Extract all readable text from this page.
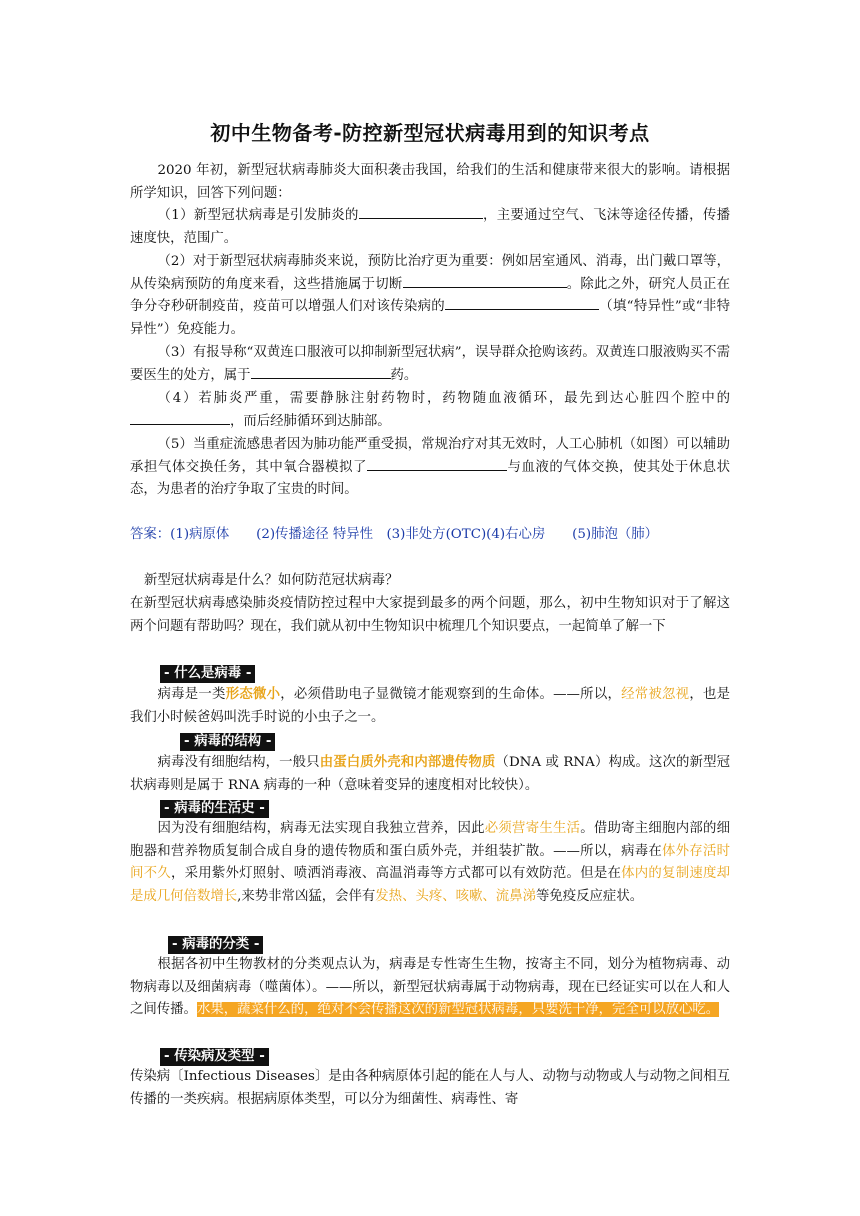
初中生物备考-防控新型冠状病毒用到的知识考点

2020 年初，新型冠状病毒肺炎大面积袭击我国，给我们的生活和健康带来很大的影响。请根据所学知识，回答下列问题：

（1）新型冠状病毒是引发肺炎的	，主要通过空气、飞沫等途径传播，传播速度快，范围广。

（2）对于新型冠状病毒肺炎来说，预防比治疗更为重要：例如居室通风、消毒，出门戴口罩等，从传染病预防的角度来看，这些措施属于切断	。除此之外，研究人员正在争分夺秒研制疫苗，疫苗可以增强人们对该传染病的	（填“特异性”或“非特异性”）免疫能力。

（3）有报导称“双黄连口服液可以抑制新型冠状病”，误导群众抢购该药。双黄连口服液购买不需要医生的处方，属于	药。

（4）若肺炎严重，需要静脉注射药物时，药物随血液循环，最先到达心脏四个腔中的，而后经肺循环到达肺部。

（5）当重症流感患者因为肺功能严重受损，常规治疗对其无效时，人工心肺机（如图）可以辅助承担气体交换任务，其中氧合器模拟了	与血液的气体交换，使其处于休息状态，为患者的治疗争取了宝贵的时间。

答案：(1)病原体　　(2)传播途径 特异性　(3)非处方(OTC)(4)右心房　　(5)肺泡（肺）

新型冠状病毒是什么？如何防范冠状病毒？

在新型冠状病毒感染肺炎疫情防控过程中大家提到最多的两个问题，那么，初中生物知识对于了解这两个问题有帮助吗？现在，我们就从初中生物知识中梳理几个知识要点，一起简单了解一下

- 什么是病毒 -

病毒是一类形态微小，必须借助电子显微镜才能观察到的生命体。——所以，经常被忽视，也是我们小时候爸妈叫洗手时说的小虫子之一。

- 病毒的结构 -

病毒没有细胞结构，一般只由蛋白质外壳和内部遗传物质（DNA 或 RNA）构成。这次的新型冠状病毒则是属于 RNA 病毒的一种（意味着变异的速度相对比较快）。

- 病毒的生活史 -

因为没有细胞结构，病毒无法实现自我独立营养，因此必须营寄生生活。借助寄主细胞内部的细胞器和营养物质复制合成自身的遗传物质和蛋白质外壳，并组装扩散。——所以，病毒在体外存活时间不久，采用紫外灯照射、喷洒消毒液、高温消毒等方式都可以有效防范。但是在体内的复制速度却是成几何倍数增长,来势非常凶猛，会伴有发热、头疼、咳嗽、流鼻涕等免疫反应症状。

- 病毒的分类 -

根据各初中生物教材的分类观点认为，病毒是专性寄生生物，按寄主不同，划分为植物病毒、动物病毒以及细菌病毒（噬菌体）。——所以，新型冠状病毒属于动物病毒，现在已经证实可以在人和人之间传播。水果，蔬菜什么的，绝对不会传播这次的新型冠状病毒，只要洗干净，完全可以放心吃。

- 传染病及类型 -

传染病〔Infectious Diseases〕是由各种病原体引起的能在人与人、动物与动物或人与动物之间相互传播的一类疾病。根据病原体类型，可以分为细菌性、病毒性、寄
